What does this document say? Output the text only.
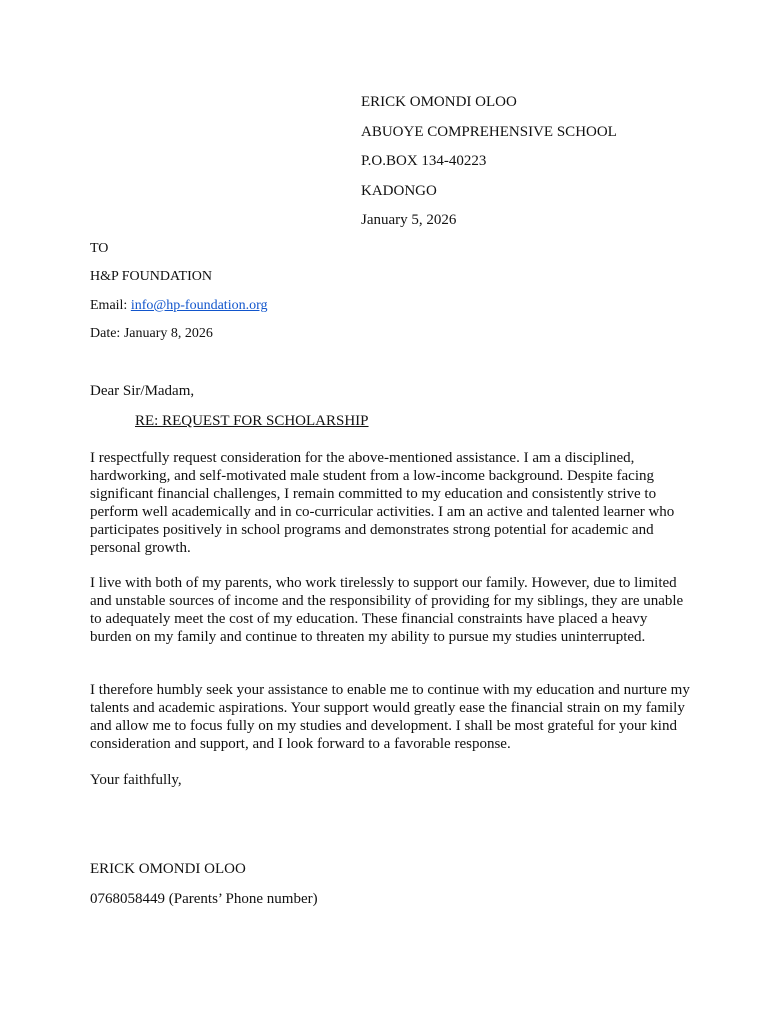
ERICK OMONDI OLOO
ABUOYE COMPREHENSIVE SCHOOL
P.O.BOX 134-40223
KADONGO
January 5, 2026
TO
H&P FOUNDATION
Email: info@hp-foundation.org
Date: January 8, 2026

Dear Sir/Madam,

RE: REQUEST FOR SCHOLARSHIP

I respectfully request consideration for the above-mentioned assistance. I am a disciplined, hardworking, and self-motivated male student from a low-income background. Despite facing significant financial challenges, I remain committed to my education and consistently strive to perform well academically and in co-curricular activities. I am an active and talented learner who participates positively in school programs and demonstrates strong potential for academic and personal growth.

I live with both of my parents, who work tirelessly to support our family. However, due to limited and unstable sources of income and the responsibility of providing for my siblings, they are unable to adequately meet the cost of my education. These financial constraints have placed a heavy burden on my family and continue to threaten my ability to pursue my studies uninterrupted.

I therefore humbly seek your assistance to enable me to continue with my education and nurture my talents and academic aspirations. Your support would greatly ease the financial strain on my family and allow me to focus fully on my studies and development. I shall be most grateful for your kind consideration and support, and I look forward to a favorable response.

Your faithfully,

ERICK OMONDI OLOO
0768058449 (Parents’ Phone number)
